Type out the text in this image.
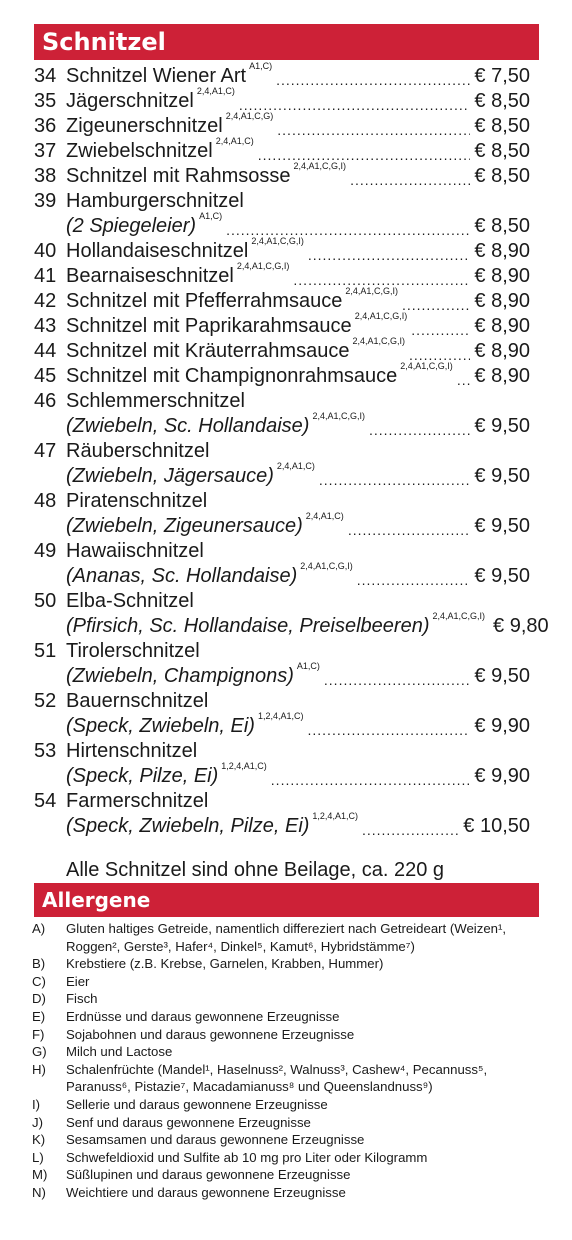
Schnitzel
34 Schnitzel Wiener Art A1,C) .....	€ 7,50
35 Jägerschnitzel 2,4,A1,C) .....	€ 8,50
36 Zigeunerschnitzel 2,4,A1,C,G) .....	€ 8,50
37 Zwiebelschnitzel 2,4,A1,C) .....	€ 8,50
38 Schnitzel mit Rahmsosse 2,4,A1,C,G,I) .....	€ 8,50
39 Hamburgerschnitzel
(2 Spiegeleier) A1,C) .....	€ 8,50
40 Hollandaiseschnitzel 2,4,A1,C,G,I) .....	€ 8,90
41 Bearnaiseschnitzel 2,4,A1,C,G,I) .....	€ 8,90
42 Schnitzel mit Pfefferrahmsauce 2,4,A1,C,G,I) .....	€ 8,90
43 Schnitzel mit Paprikarahmsauce 2,4,A1,C,G,I) .....	€ 8,90
44 Schnitzel mit Kräuterrahmsauce 2,4,A1,C,G,I) .....	€ 8,90
45 Schnitzel mit Champignonrahmsauce 2,4,A1,C,G,I) ..... € 8,90
46 Schlemmerschnitzel
(Zwiebeln, Sc. Hollandaise) 2,4,A1,C,G,I) .....	€ 9,50
47 Räuberschnitzel
(Zwiebeln, Jägersauce) 2,4,A1,C) .....	€ 9,50
48 Piratenschnitzel
(Zwiebeln, Zigeunersauce) 2,4,A1,C) .....	€ 9,50
49 Hawaiischnitzel
(Ananas, Sc. Hollandaise) 2,4,A1,C,G,I) .....	€ 9,50
50 Elba-Schnitzel
(Pfirsich, Sc. Hollandaise, Preiselbeeren) 2,4,A1,C,G,I) € 9,80
51 Tirolerschnitzel
(Zwiebeln, Champignons) A1,C) .....	€ 9,50
52 Bauernschnitzel
(Speck, Zwiebeln, Ei) 1,2,4,A1,C) .....	€ 9,90
53 Hirtenschnitzel
(Speck, Pilze, Ei) 1,2,4,A1,C) .....	€ 9,90
54 Farmerschnitzel
(Speck, Zwiebeln, Pilze, Ei) 1,2,4,A1,C) .....	€ 10,50
Alle Schnitzel sind ohne Beilage, ca. 220 g
Allergene
A)	Gluten haltiges Getreide, namentlich differeziert nach Getreideart (Weizen¹, Roggen², Gerste³, Hafer⁴, Dinkel⁵, Kamut⁶, Hybridstämme⁷)
B)	Krebstiere (z.B. Krebse, Garnelen, Krabben, Hummer)
C)	Eier
D)	Fisch
E)	Erdnüsse und daraus gewonnene Erzeugnisse
F)	Sojabohnen und daraus gewonnene Erzeugnisse
G)	Milch und Lactose
H)	Schalenfrüchte (Mandel¹, Haselnuss², Walnuss³, Cashew⁴, Pecannuss⁵, Paranuss⁶, Pistazie⁷, Macadamianuss⁸ und Queenslandnuss⁹)
I)	Sellerie und daraus gewonnene Erzeugnisse
J)	Senf und daraus gewonnene Erzeugnisse
K)	Sesamsamen und daraus gewonnene Erzeugnisse
L)	Schwefeldioxid und Sulfite ab 10 mg pro Liter oder Kilogramm
M)	Süßlupinen und daraus gewonnene Erzeugnisse
N)	Weichtiere und daraus gewonnene Erzeugnisse
